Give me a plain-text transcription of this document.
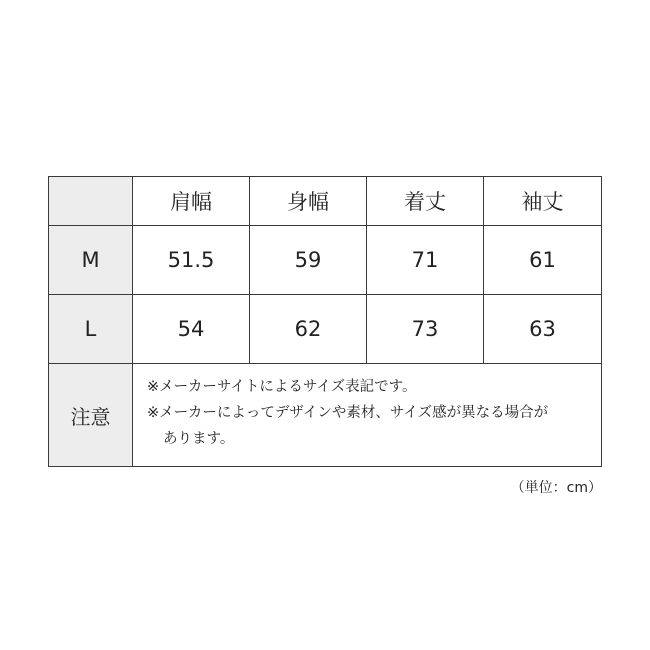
	肩幅	身幅	着丈	袖丈
M	51.5	59	71	61
L	54	62	73	63
注意	※メーカーサイトによるサイズ表記です。
※メーカーによってデザインや素材、サイズ感が異なる場合が
あります。			
（単位：cm）
